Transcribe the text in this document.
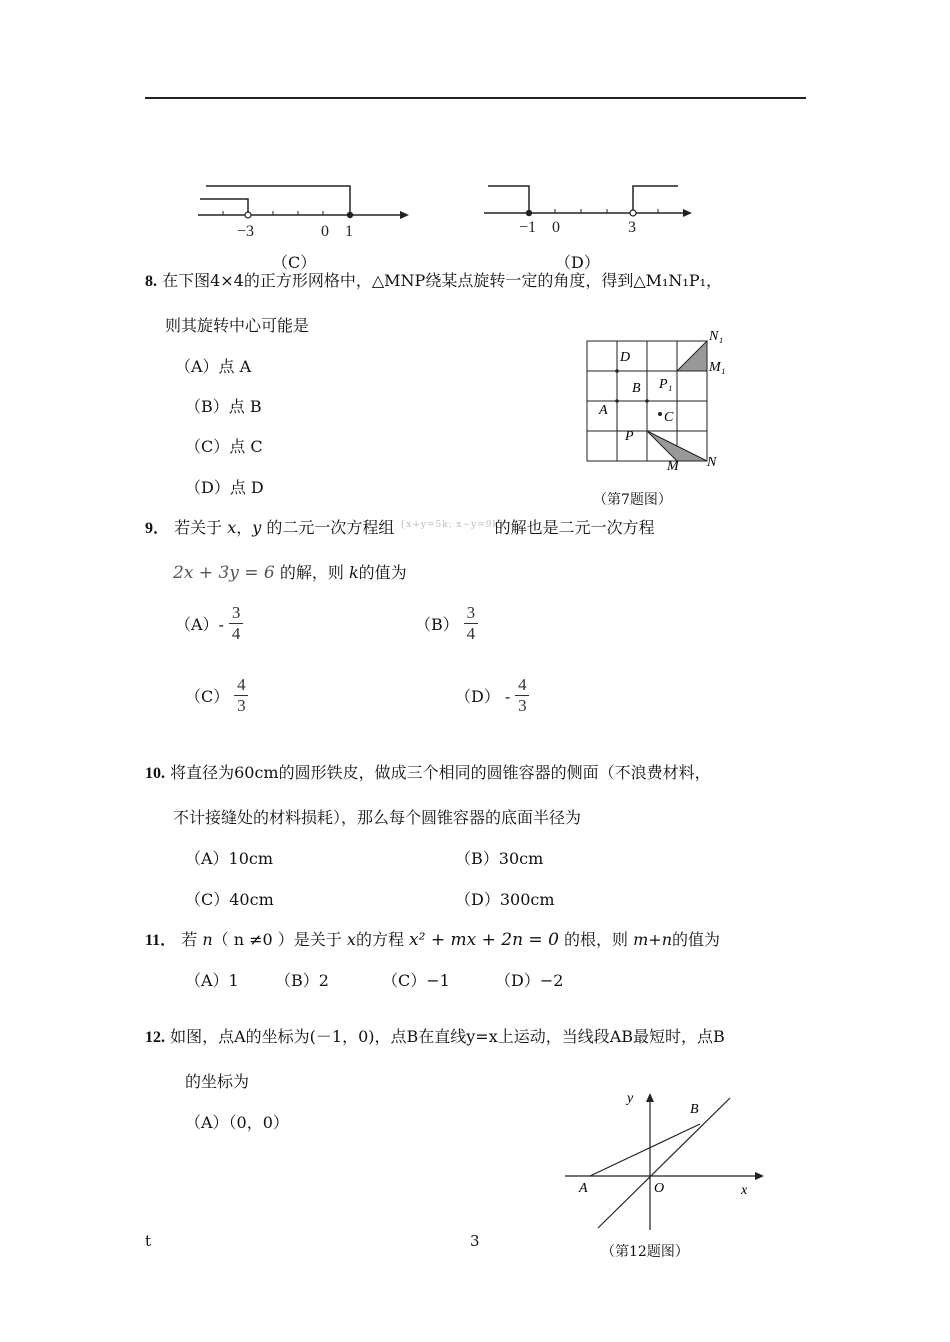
−3	0 1
（C）
−1 0	3
（D）
8. 在下图4×4的正方形网格中，△MNP绕某点旋转一定的角度，得到△M₁N₁P₁，
则其旋转中心可能是
（A）点 A
（B）点 B
（C）点 C
（D）点 D
N₁
M₁
D
B P₁
A	C
P
M N
（第7题图）
9． 若关于 x，y 的二元一次方程组 {x+y=5k; x−y=9k} 的解也是二元一次方程
2x + 3y = 6 的解，则 k的值为
$(A)- \frac{3}{4}$	$(B) \frac{3}{4}$
$(C) \frac{4}{3}$	$(D) - \frac{4}{3}$
10. 将直径为60cm的圆形铁皮，做成三个相同的圆锥容器的侧面（不浪费材料，
不计接缝处的材料损耗），那么每个圆锥容器的底面半径为
（A）10cm	（B）30cm
（C）40cm	（D）300cm
11． 若 n（ n ≠0 ）是关于 x的方程 x² + mx + 2n = 0 的根，则 m+n的值为
（A）1 （B）2	（C）−1	（D）−2
12. 如图，点A的坐标为(－1，0)，点B在直线y=x上运动，当线段AB最短时，点B
的坐标为
（A）（0，0）
y
B
A	O	x
（第12题图）
t	3
